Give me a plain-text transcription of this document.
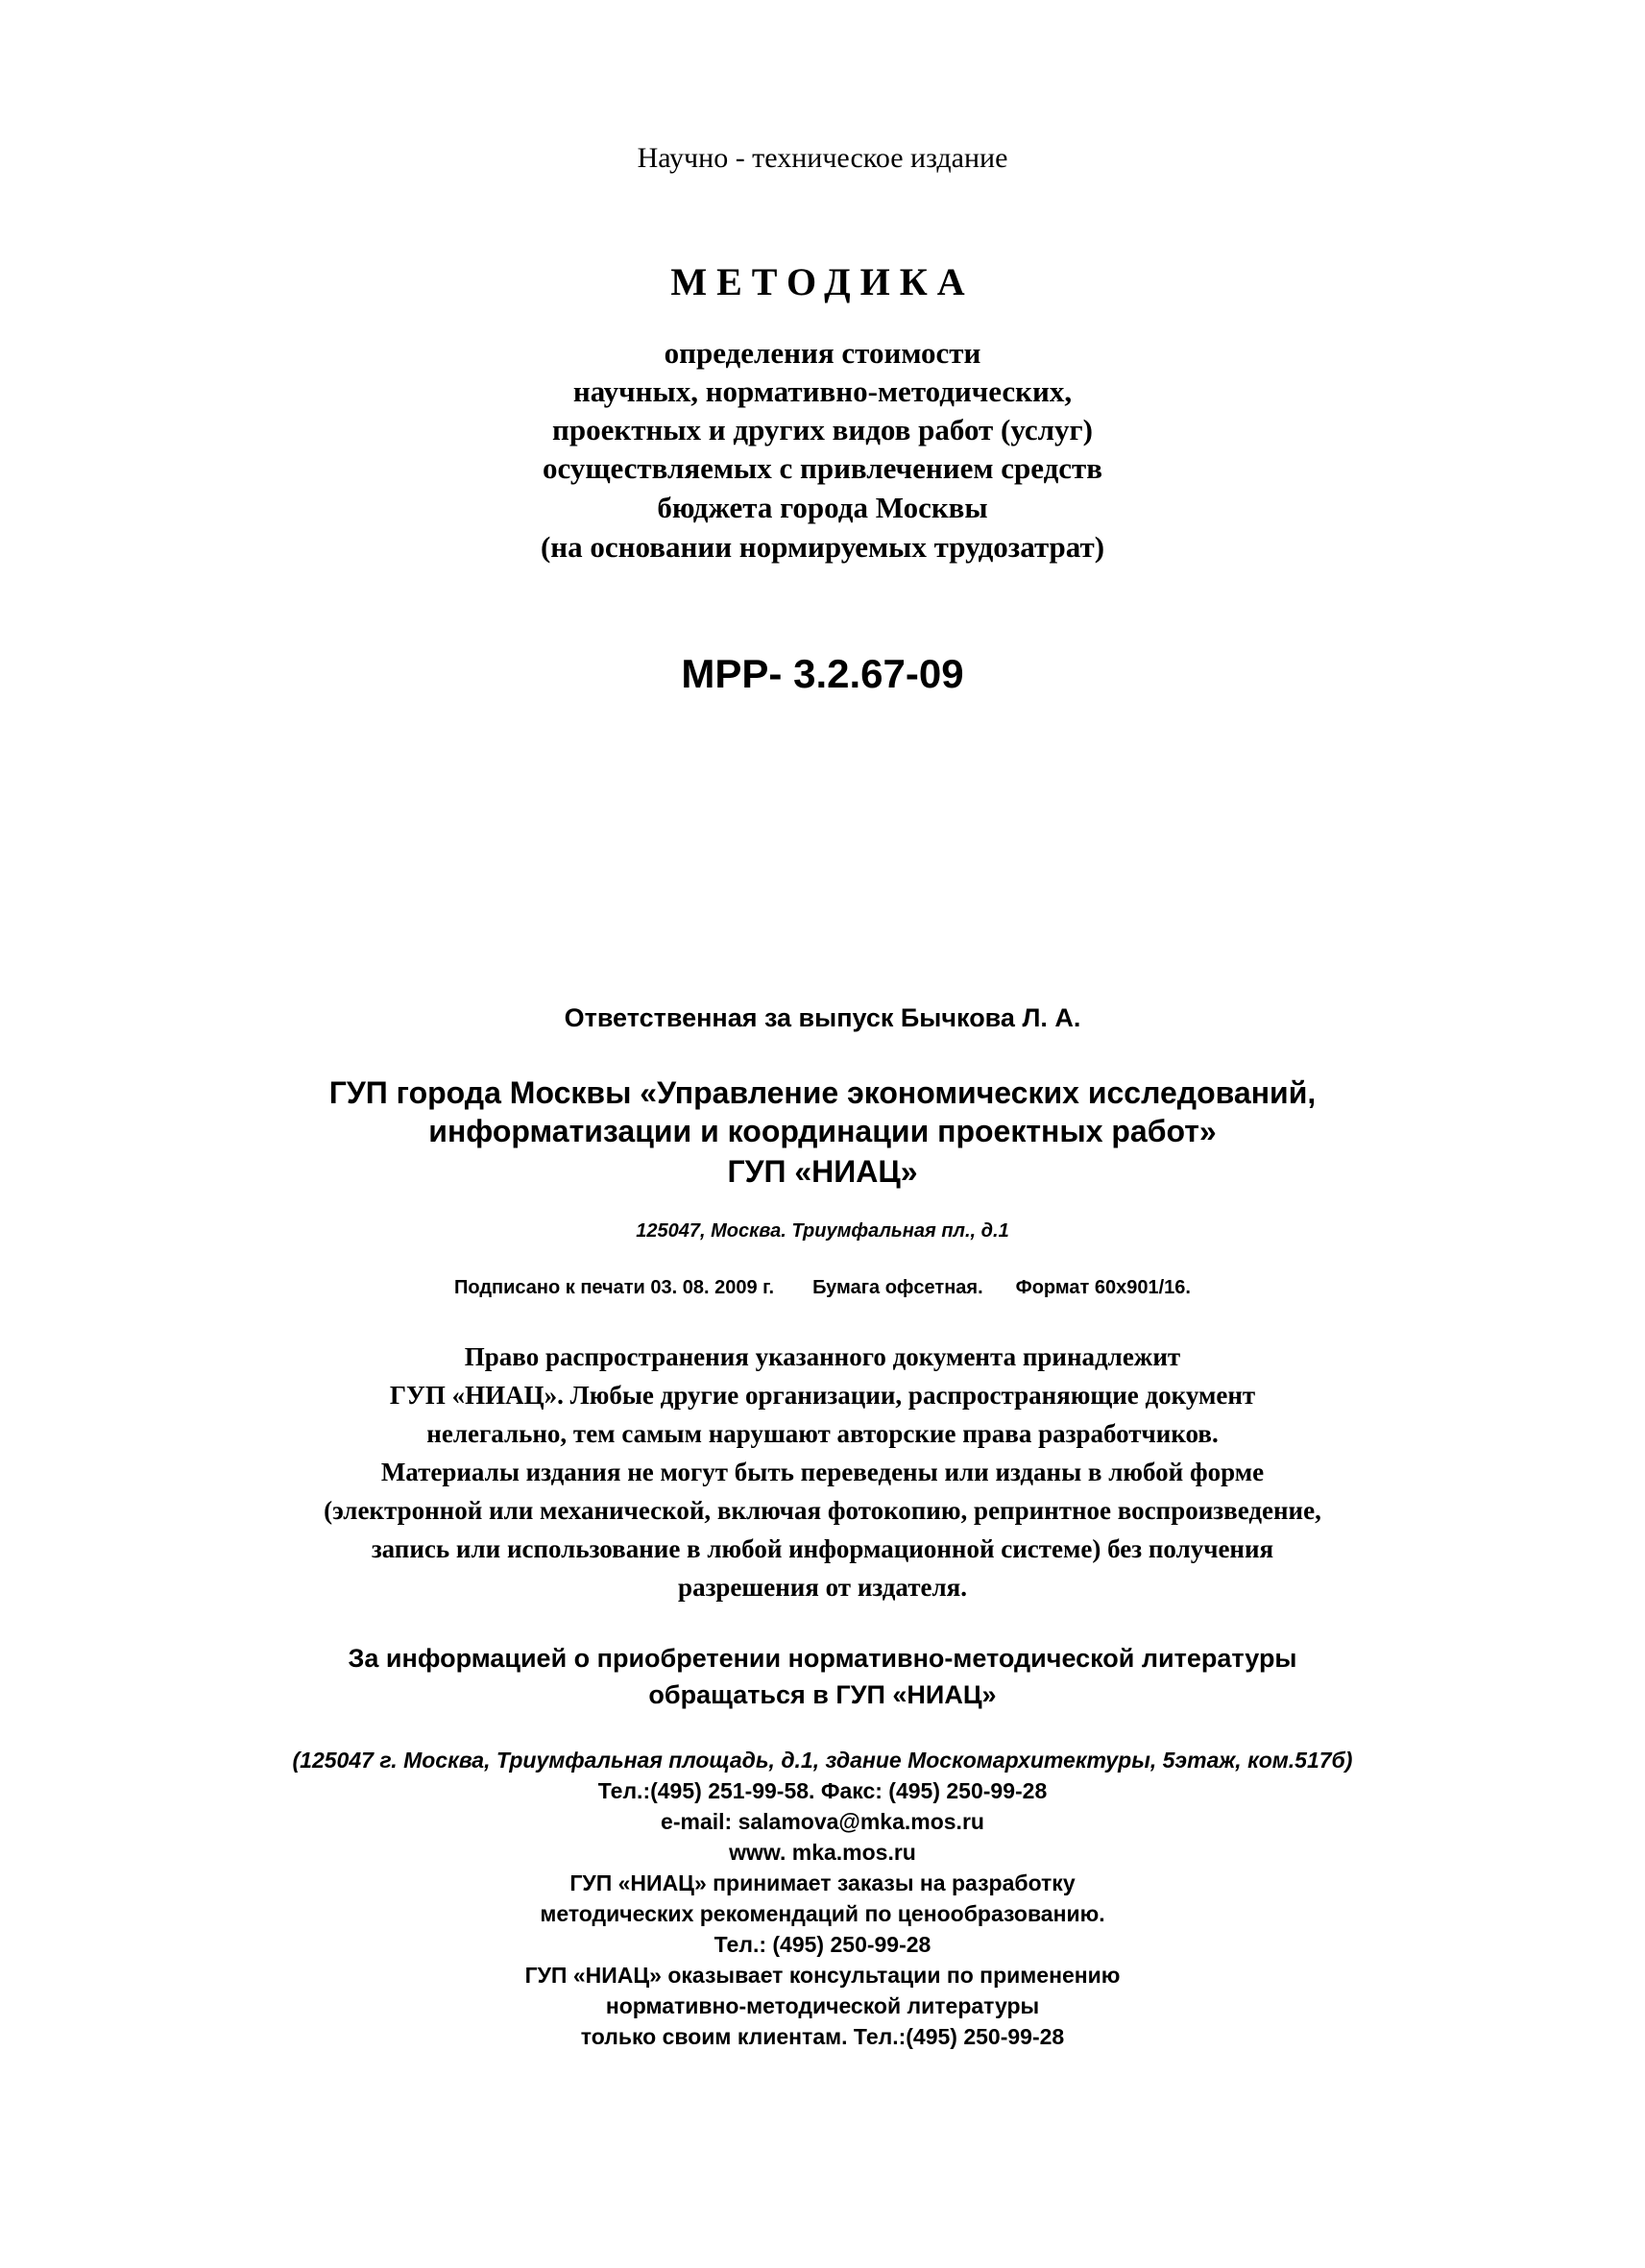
Научно - техническое издание
МЕТОДИКА
определения стоимости
научных, нормативно-методических,
проектных и других видов работ (услуг)
осуществляемых с привлечением средств
бюджета города Москвы
(на основании нормируемых трудозатрат)
МРР- 3.2.67-09
Ответственная за выпуск Бычкова Л. А.
ГУП города Москвы «Управление экономических исследований,
информатизации и координации проектных работ»
ГУП «НИАЦ»
125047, Москва. Триумфальная пл., д.1
Подписано к печати 03. 08. 2009 г. Бумага офсетная. Формат 60х901/16.
Право распространения указанного документа принадлежит
ГУП «НИАЦ». Любые другие организации, распространяющие документ
нелегально, тем самым нарушают авторские права разработчиков.
Материалы издания не могут быть переведены или изданы в любой форме
(электронной или механической, включая фотокопию, репринтное воспроизведение,
запись или использование в любой информационной системе) без получения
разрешения от издателя.
За информацией о приобретении нормативно-методической литературы
обращаться в ГУП «НИАЦ»
(125047 г. Москва, Триумфальная площадь, д.1, здание Москомархитектуры, 5этаж, ком.517б)
Тел.:(495) 251-99-58. Факс: (495) 250-99-28
e-mail: salamova@mka.mos.ru
www. mka.mos.ru
ГУП «НИАЦ» принимает заказы на разработку
методических рекомендаций по ценообразованию.
Тел.: (495) 250-99-28
ГУП «НИАЦ» оказывает консультации по применению
нормативно-методической литературы
только своим клиентам. Тел.:(495) 250-99-28
